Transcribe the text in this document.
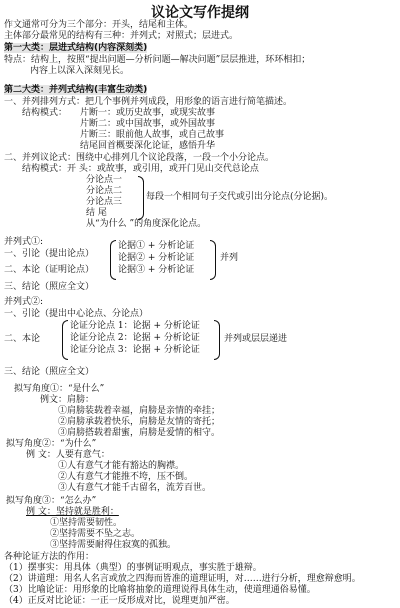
议论文写作提纲
作文通常可分为三个部分：开头，结尾和主体。
主体部分最常见的结构有三种：并列式；对照式；层进式。
第一大类：层进式结构(内容深刻类)
特点：结构上，按照“提出问题—分析问题—解决问题”层层推进，环环相扣；
内容上以深入深刻见长。
第二大类：并列式结构(丰富生动类)
一、并列排列方式：把几个事例并列成段，用形象的语言进行简笔描述。
结构模式： 片断一：或历史故事，或现实故事
片断二：或中国故事，或外国故事
片断三：眼前他人故事，或自己故事
结尾回首概要深化论证，感悟升华
二、并列议论式：围绕中心排列几个议论段落，一段一个小分论点。
结构模式：开 头：或故事，或引用，或开门见山交代总论点
分论点一
分论点二
分论点三
结 尾
每段一个相同句子交代或引出分论点(分论据)。
从“为什么 ”的角度深化论点。
并列式①:
一、引论（提出论点）
二、本论（证明论点）
论据① + 分析论证
论据② + 分析论证
论据③ + 分析论证
并列
三、结论（照应全文）
并列式②:
一、引论（提出中心论点、分论点）
二、本论
论证分论点 1：论据 + 分析论证
论证分论点 2：论据 + 分析论证
论证分论点 3：论据 + 分析论证
并列或层层递进
三、结论（照应全文）
拟写角度①：“是什么”
例文：肩膀：
①肩膀装载着幸福，肩膀是亲情的牵挂；
②肩膀承载着快乐，肩膀是友情的寄托；
③肩膀搭载着甜蜜，肩膀是爱情的相守。
拟写角度②：“为什么”
例 文：人要有意气：
①人有意气才能有豁达的胸襟。
②人有意气才能推不垮，压不倒。
③人有意气才能千古留名，流芳百世。
拟写角度③：“怎么办”
例 文：坚持就是胜利：
①坚持需要韧性。
②坚持需要不坠之志。
③坚持需要耐得住寂寞的孤独。
各种论证方法的作用：
（1）摆事实：用具体（典型）的事例证明观点，事实胜于雄辩。
（2）讲道理：用名人名言或放之四海而皆准的道理证明，对……进行分析，理愈辩愈明。
（3）比喻论证：用形象的比喻将抽象的道理说得具体生动，使道理通俗易懂。
（4）正反对比论证：一正一反形成对比，说理更加严密。
